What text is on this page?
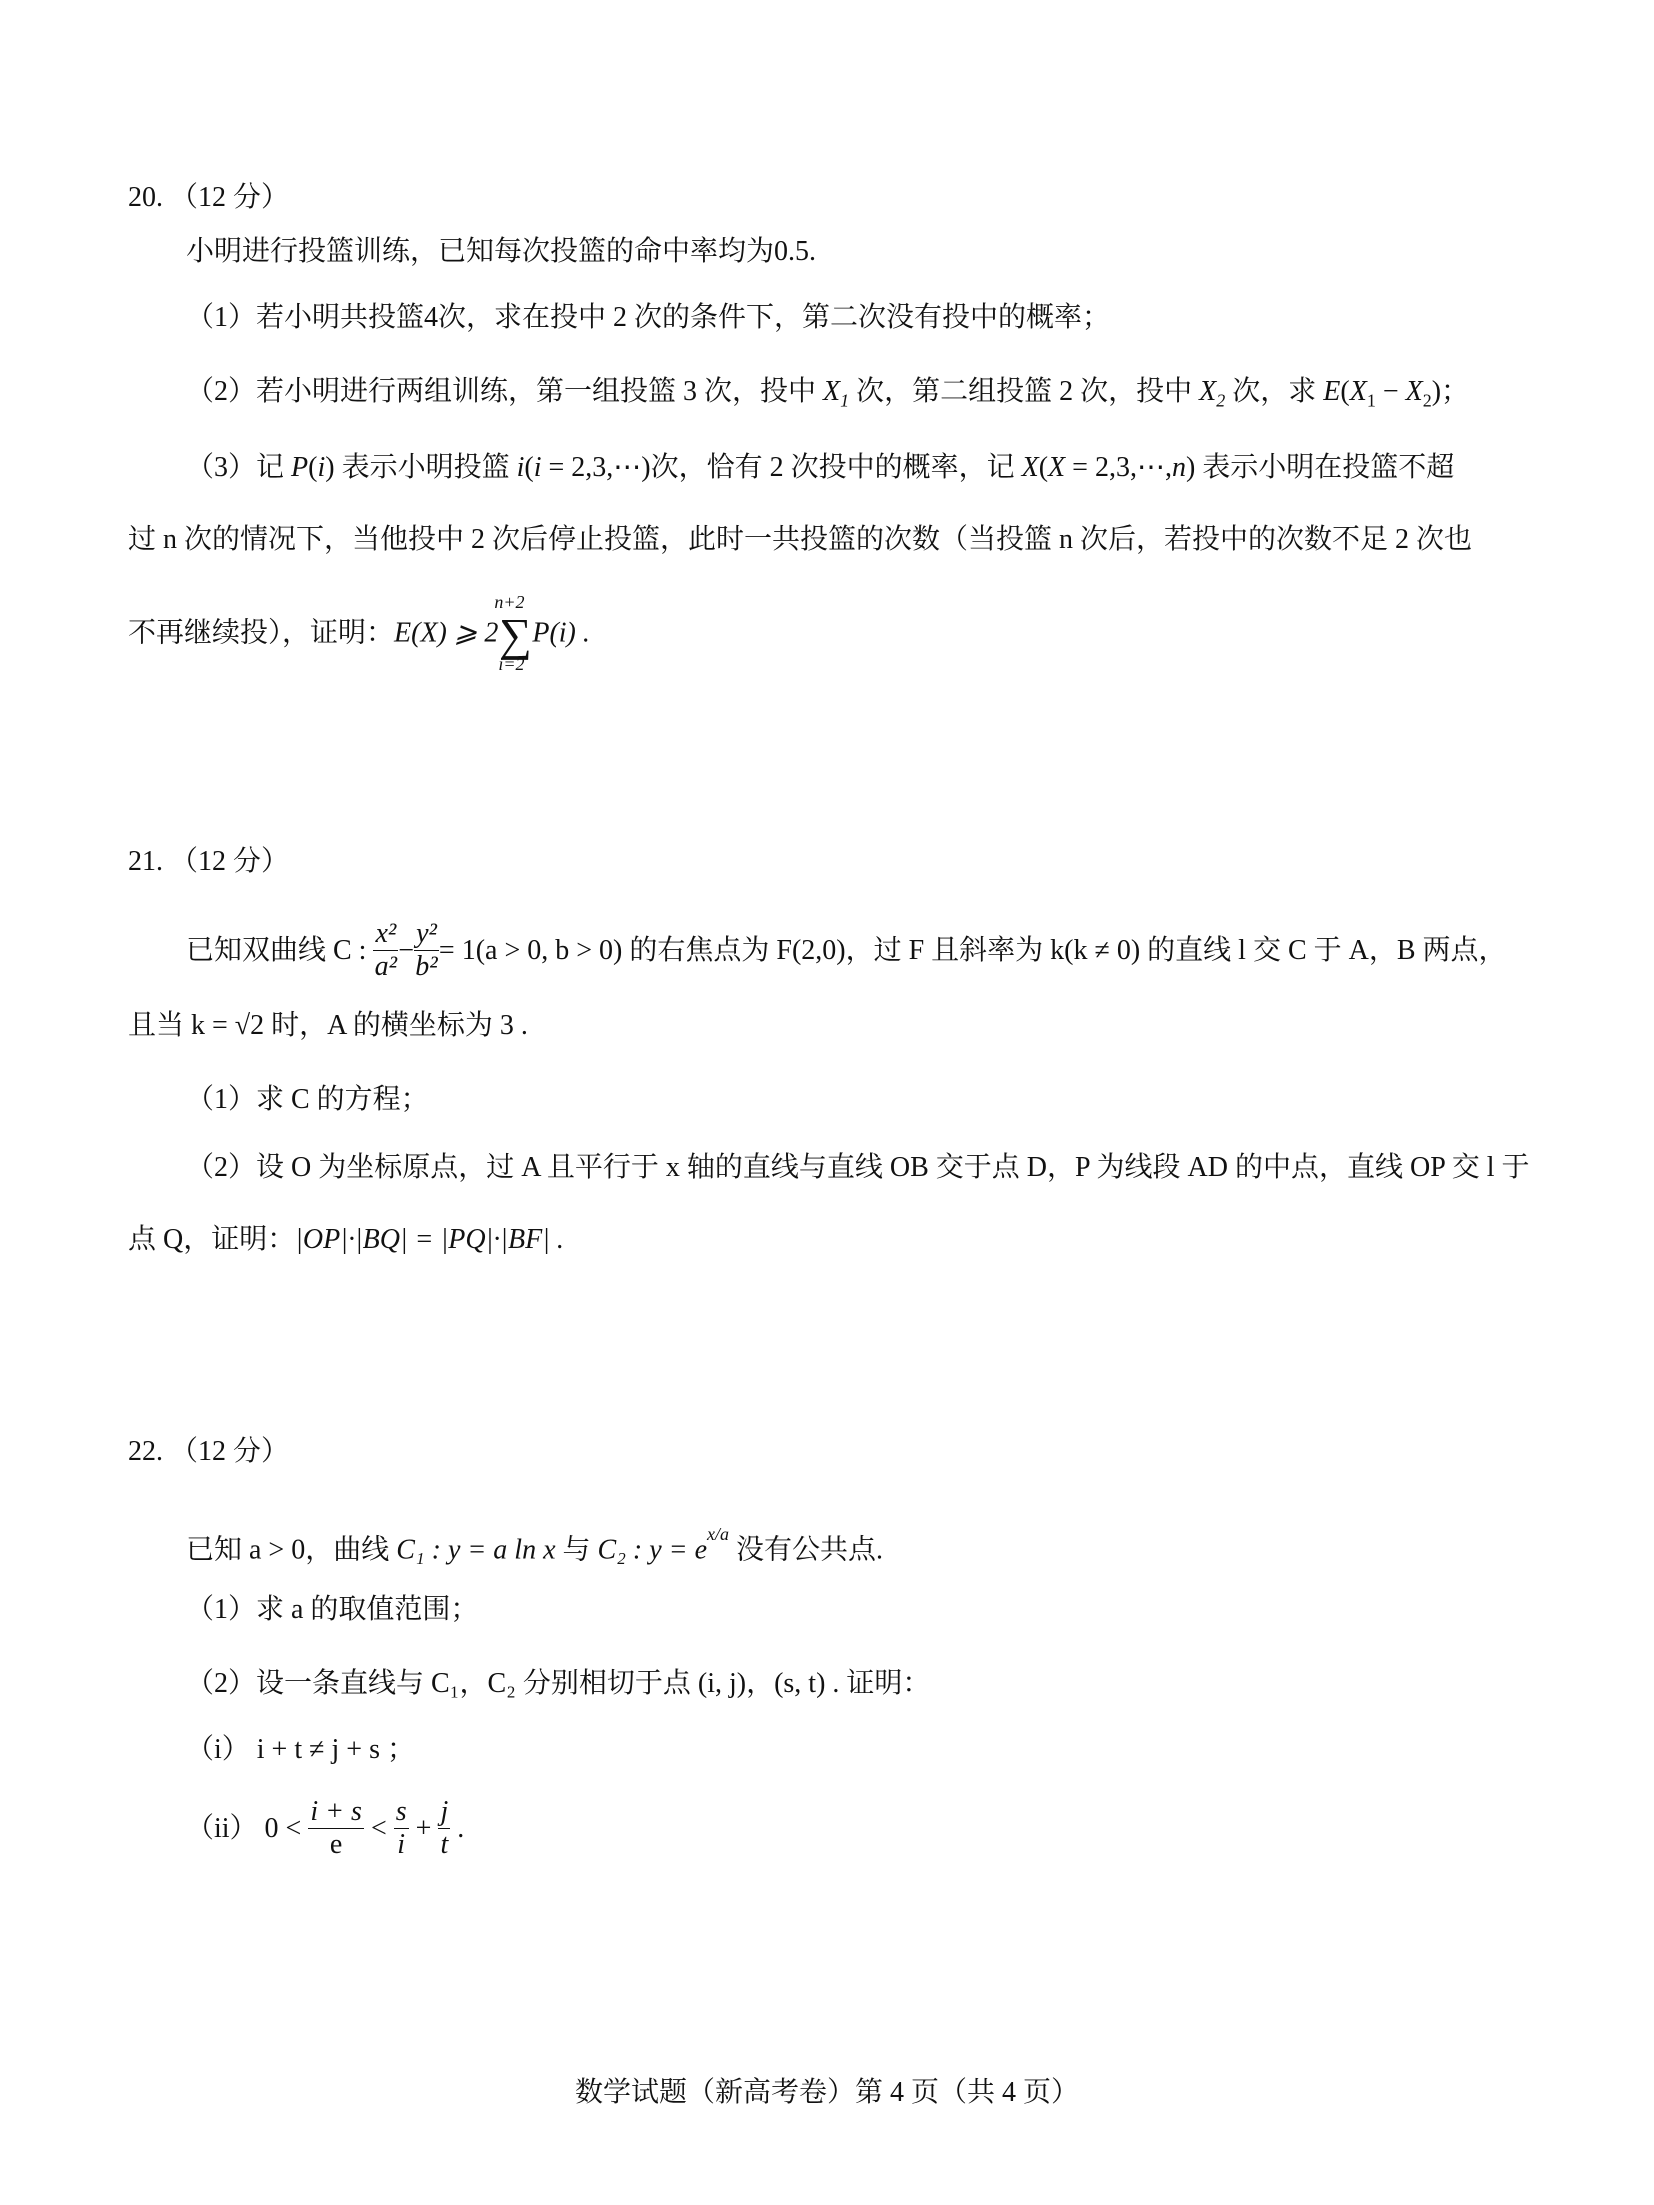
20. （12 分）
小明进行投篮训练，已知每次投篮的命中率均为0.5.
（1）若小明共投篮4次，求在投中 2 次的条件下，第二次没有投中的概率；
（2）若小明进行两组训练，第一组投篮 3 次，投中 $X_1$ 次，第二组投篮 2 次，投中 $X_2$ 次，求 $E(X_1 - X_2)$；
（3）记 P(i) 表示小明投篮 i(i = 2,3,⋯)次，恰有 2 次投中的概率，记 X(X = 2,3,⋯,n) 表示小明在投篮不超
过 n 次的情况下，当他投中 2 次后停止投篮，此时一共投篮的次数（当投篮 n 次后，若投中的次数不足 2 次也
不再继续投），证明：E(X) ⩾ 2
n+2
∑
i=2
P(i) .
21. （12 分）
已知双曲线 C : $\frac{\text{x²}}{\text{a²}} - \frac{\text{y²}}{\text{b²}} = 1(a > 0$, b > 0) 的右焦点为 F(2,0)，过 F 且斜率为 k(k ≠ 0) 的直线 l 交 C 于 A，B 两点，
且当 k = √2 时，A 的横坐标为 3 .
（1）求 C 的方程；
（2）设 O 为坐标原点，过 A 且平行于 x 轴的直线与直线 OB 交于点 D，P 为线段 AD 的中点，直线 OP 交 l 于
点 Q，证明：|OP|·|BQ| = |PQ|·|BF| .
22. （12 分）
已知 a > 0，曲线 C₁ : y = a ln x 与 C₂ : $y = e^{x/a}$ 没有公共点.
（1）求 a 的取值范围；
（2）设一条直线与 C₁，C₂ 分别相切于点 (i, j)，(s, t) . 证明：
（i） i + t ≠ j + s ；
（ii） $0 < \frac{i + s}{e} < \frac{s}{i} + \frac{j}{t}$ .
数学试题（新高考卷）第 4 页（共 4 页）
